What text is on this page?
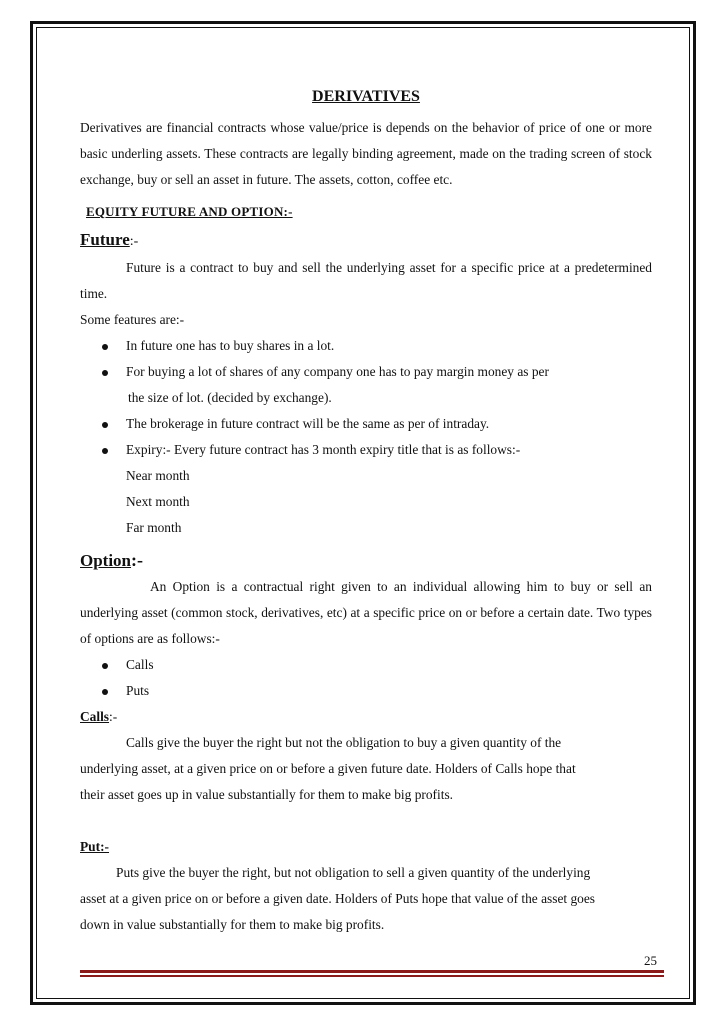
DERIVATIVES

Derivatives are financial contracts whose value/price is depends on the behavior of price of one or more basic underling assets. These contracts are legally binding agreement, made on the trading screen of stock exchange, buy or sell an asset in future. The assets, cotton, coffee etc.

EQUITY FUTURE AND OPTION:-

Future:-

Future is a contract to buy and sell the underlying asset for a specific price at a predetermined time.

Some features are:-

In future one has to buy shares in a lot.
For buying a lot of shares of any company one has to pay margin money as per
the size of lot. (decided by exchange).
The brokerage in future contract will be the same as per of intraday.
Expiry:- Every future contract has 3 month expiry title that is as follows:-

Near month

Next month

Far month

Option:-

An Option is a contractual right given to an individual allowing him to buy or sell an underlying asset (common stock, derivatives, etc) at a specific price on or before a certain date. Two types of options are as follows:-

Calls
Puts

Calls:-

Calls give the buyer the right but not the obligation to buy a given quantity of the

underlying asset, at a given price on or before a given future date. Holders of Calls hope that

their asset goes up in value substantially for them to make big profits.

Put:-

Puts give the buyer the right, but not obligation to sell a given quantity of the underlying

asset at a given price on or before a given date. Holders of Puts hope that value of the asset goes

down in value substantially for them to make big profits.

25
